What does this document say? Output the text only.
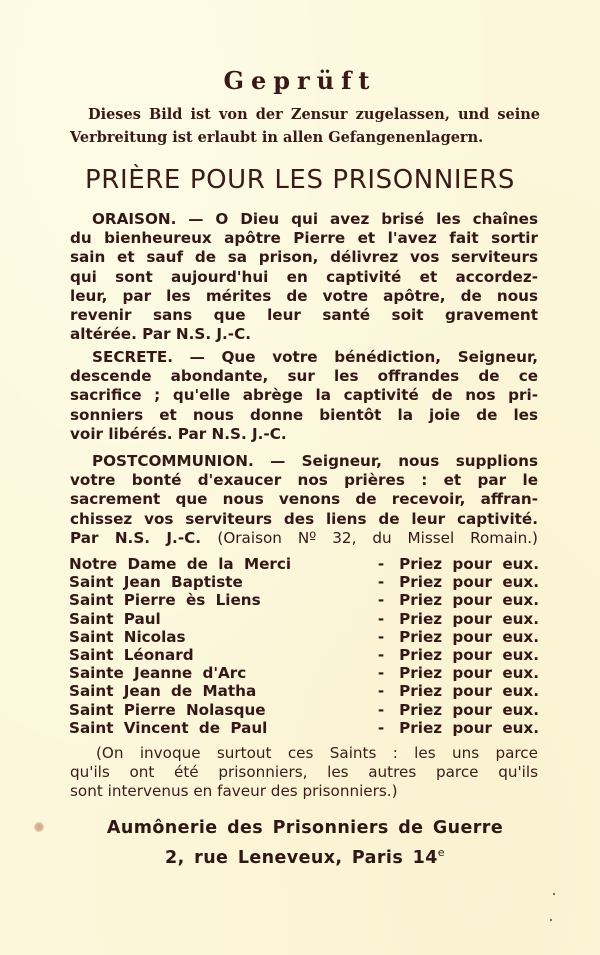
Geprüft
Dieses Bild ist von der Zensur zugelassen, und seine
Verbreitung ist erlaubt in allen Gefangenenlagern.
PRIÈRE POUR LES PRISONNIERS
ORAISON. — O Dieu qui avez brisé les chaînes
du bienheureux apôtre Pierre et l'avez fait sortir
sain et sauf de sa prison, délivrez vos serviteurs
qui sont aujourd'hui en captivité et accordez-
leur, par les mérites de votre apôtre, de nous
revenir sans que leur santé soit gravement
altérée. Par N.S. J.-C.
SECRETE. — Que votre bénédiction, Seigneur,
descende abondante, sur les offrandes de ce
sacrifice ; qu'elle abrège la captivité de nos pri-
sonniers et nous donne bientôt la joie de les
voir libérés. Par N.S. J.-C.
POSTCOMMUNION. — Seigneur, nous supplions
votre bonté d'exaucer nos prières : et par le
sacrement que nous venons de recevoir, affran-
chissez vos serviteurs des liens de leur captivité.
Par N.S. J.-C. (Oraison Nº 32, du Missel Romain.)
Notre Dame de la Merci	- Priez pour eux.
Saint Jean Baptiste	- Priez pour eux.
Saint Pierre ès Liens	- Priez pour eux.
Saint Paul	- Priez pour eux.
Saint Nicolas	- Priez pour eux.
Saint Léonard	- Priez pour eux.
Sainte Jeanne d'Arc	- Priez pour eux.
Saint Jean de Matha	- Priez pour eux.
Saint Pierre Nolasque	- Priez pour eux.
Saint Vincent de Paul	- Priez pour eux.
(On invoque surtout ces Saints : les uns parce
qu'ils ont été prisonniers, les autres parce qu'ils
sont intervenus en faveur des prisonniers.)
Aumônerie des Prisonniers de Guerre
2, rue Leneveux, Paris 14e
